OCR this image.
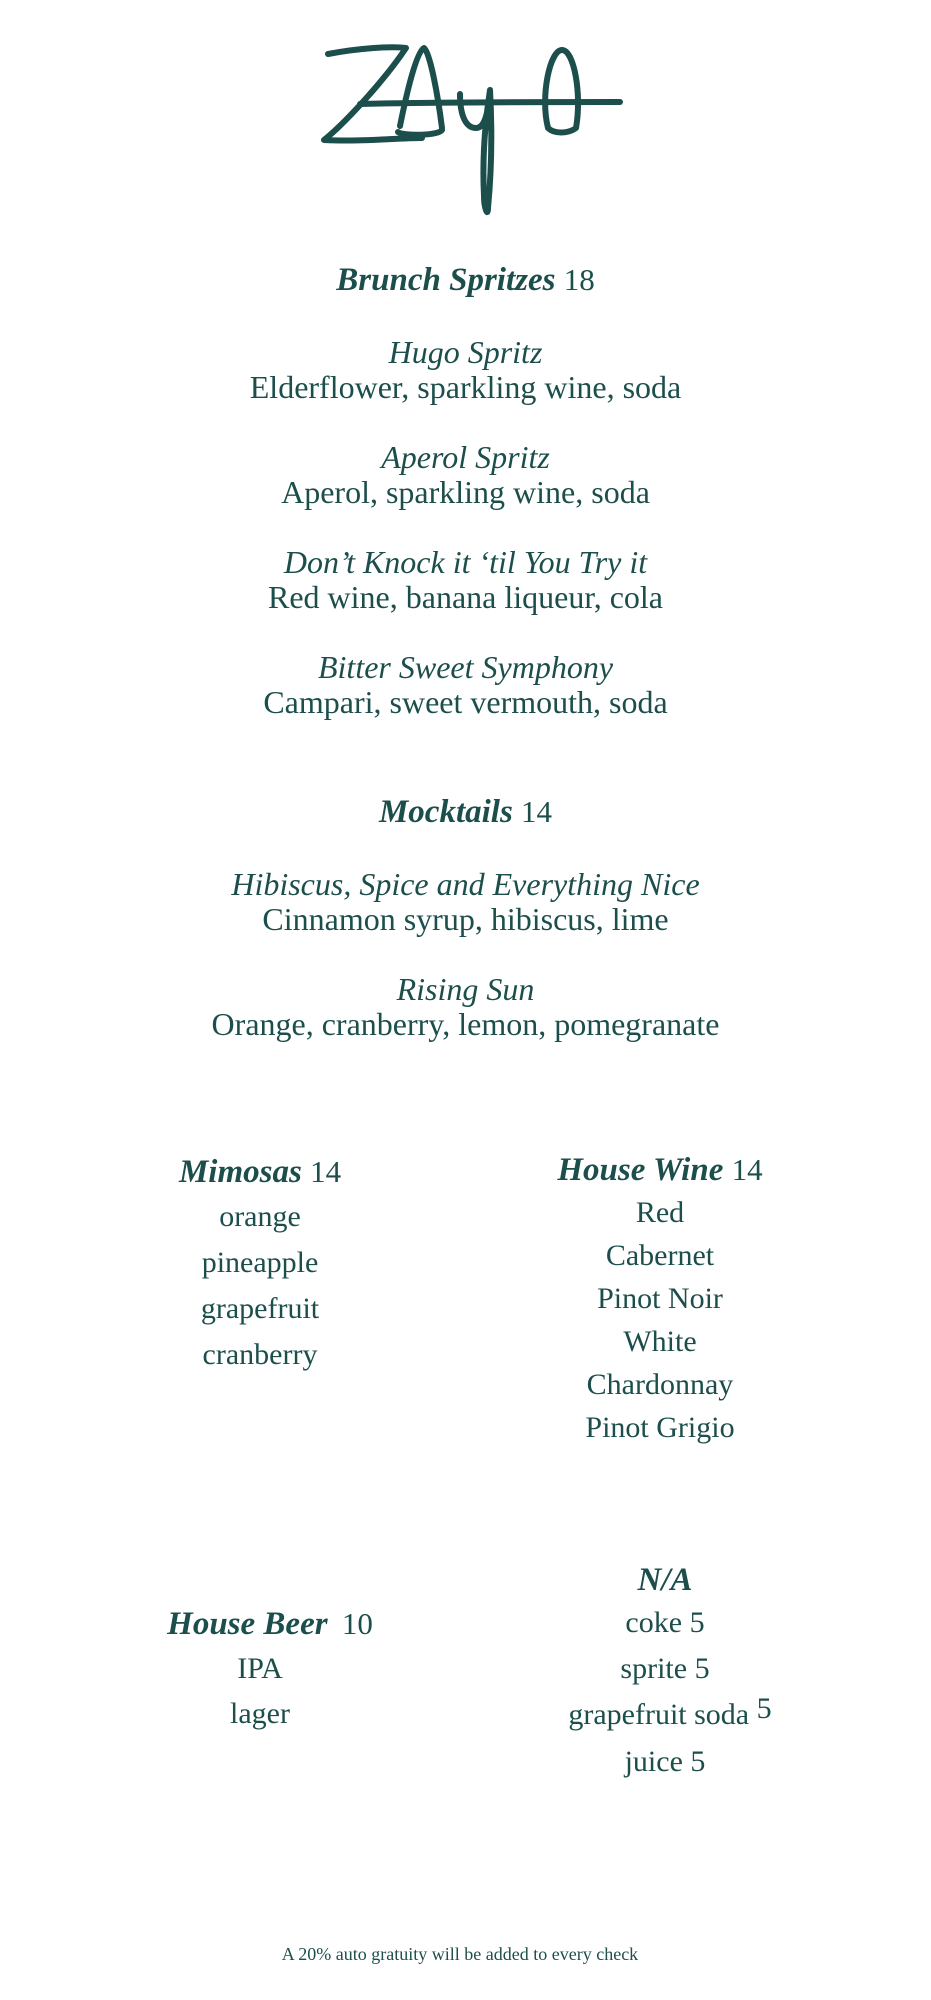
Brunch Spritzes 18
Hugo Spritz
Elderflower, sparkling wine, soda
Aperol Spritz
Aperol, sparkling wine, soda
Don’t Knock it ‘til You Try it
Red wine, banana liqueur, cola
Bitter Sweet Symphony
Campari, sweet vermouth, soda
Mocktails 14
Hibiscus, Spice and Everything Nice
Cinnamon syrup, hibiscus, lime
Rising Sun
Orange, cranberry, lemon, pomegranate
Mimosas 14
orange
pineapple
grapefruit
cranberry
House Wine 14
Red
Cabernet
Pinot Noir
White
Chardonnay
Pinot Grigio
House Beer 10
IPA
lager
N/A
coke 5
sprite 5
grapefruit soda 5
juice 5
A 20% auto gratuity will be added to every check
